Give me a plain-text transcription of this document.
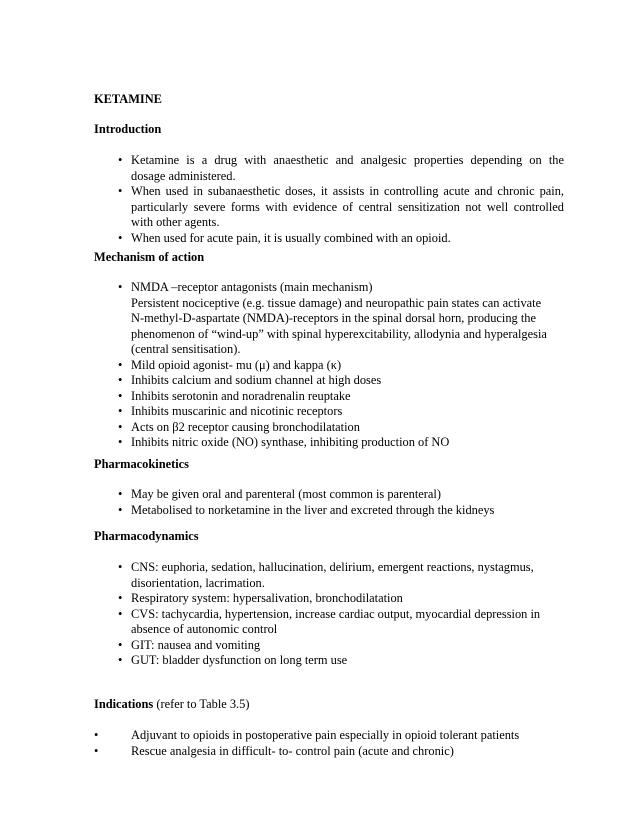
KETAMINE
Introduction
• Ketamine is a drug with anaesthetic and analgesic properties depending on the
dosage administered.
• When used in subanaesthetic doses, it assists in controlling acute and chronic pain,
particularly severe forms with evidence of central sensitization not well controlled
with other agents.
• When used for acute pain, it is usually combined with an opioid.
Mechanism of action
• NMDA –receptor antagonists (main mechanism)
Persistent nociceptive (e.g. tissue damage) and neuropathic pain states can activate
N-methyl-D-aspartate (NMDA)-receptors in the spinal dorsal horn, producing the
phenomenon of “wind-up” with spinal hyperexcitability, allodynia and hyperalgesia
(central sensitisation).
• Mild opioid agonist- mu (μ) and kappa (κ)
• Inhibits calcium and sodium channel at high doses
• Inhibits serotonin and noradrenalin reuptake
• Inhibits muscarinic and nicotinic receptors
• Acts on β2 receptor causing bronchodilatation
• Inhibits nitric oxide (NO) synthase, inhibiting production of NO
Pharmacokinetics
• May be given oral and parenteral (most common is parenteral)
• Metabolised to norketamine in the liver and excreted through the kidneys
Pharmacodynamics
• CNS: euphoria, sedation, hallucination, delirium, emergent reactions, nystagmus,
disorientation, lacrimation.
• Respiratory system: hypersalivation, bronchodilatation
• CVS: tachycardia, hypertension, increase cardiac output, myocardial depression in
absence of autonomic control
• GIT: nausea and vomiting
• GUT: bladder dysfunction on long term use
Indications (refer to Table 3.5)
•	Adjuvant to opioids in postoperative pain especially in opioid tolerant patients
•	Rescue analgesia in difficult- to- control pain (acute and chronic)
